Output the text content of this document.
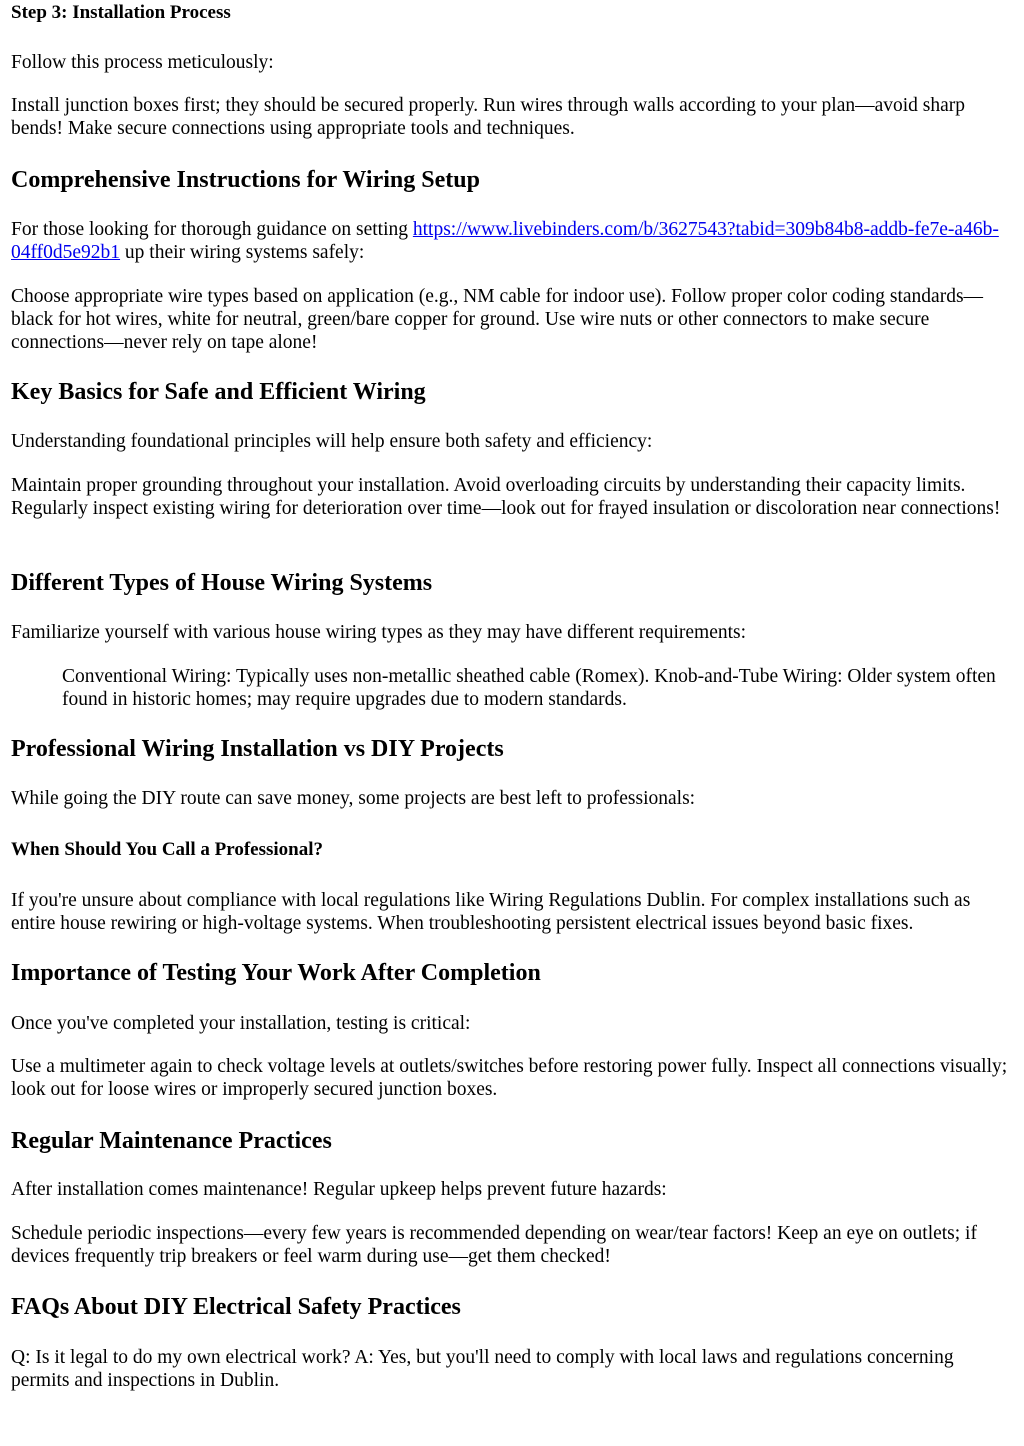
Step 3: Installation Process

Follow this process meticulously:

Install junction boxes first; they should be secured properly. Run wires through walls according to your plan—avoid sharp bends! Make secure connections using appropriate tools and techniques.

Comprehensive Instructions for Wiring Setup

For those looking for thorough guidance on setting https://www.livebinders.com/b/3627543?tabid=309b84b8-addb-fe7e-a46b-04ff0d5e92b1 up their wiring systems safely:

Choose appropriate wire types based on application (e.g., NM cable for indoor use). Follow proper color coding standards—black for hot wires, white for neutral, green/bare copper for ground. Use wire nuts or other connectors to make secure connections—never rely on tape alone!

Key Basics for Safe and Efficient Wiring

Understanding foundational principles will help ensure both safety and efficiency:

Maintain proper grounding throughout your installation. Avoid overloading circuits by understanding their capacity limits. Regularly inspect existing wiring for deterioration over time—look out for frayed insulation or discoloration near connections!

Different Types of House Wiring Systems

Familiarize yourself with various house wiring types as they may have different requirements:

Conventional Wiring: Typically uses non-metallic sheathed cable (Romex). Knob-and-Tube Wiring: Older system often found in historic homes; may require upgrades due to modern standards.

Professional Wiring Installation vs DIY Projects

While going the DIY route can save money, some projects are best left to professionals:

When Should You Call a Professional?

If you're unsure about compliance with local regulations like Wiring Regulations Dublin. For complex installations such as entire house rewiring or high-voltage systems. When troubleshooting persistent electrical issues beyond basic fixes.

Importance of Testing Your Work After Completion

Once you've completed your installation, testing is critical:

Use a multimeter again to check voltage levels at outlets/switches before restoring power fully. Inspect all connections visually; look out for loose wires or improperly secured junction boxes.

Regular Maintenance Practices

After installation comes maintenance! Regular upkeep helps prevent future hazards:

Schedule periodic inspections—every few years is recommended depending on wear/tear factors! Keep an eye on outlets; if devices frequently trip breakers or feel warm during use—get them checked!

FAQs About DIY Electrical Safety Practices

Q: Is it legal to do my own electrical work? A: Yes, but you'll need to comply with local laws and regulations concerning permits and inspections in Dublin.
